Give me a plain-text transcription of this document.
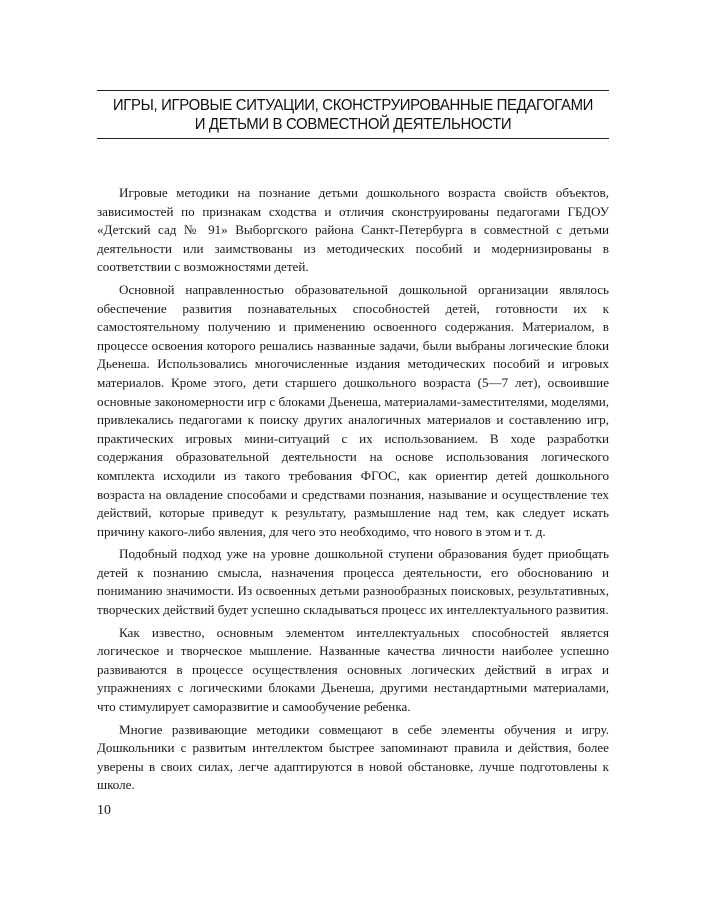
ИГРЫ, ИГРОВЫЕ СИТУАЦИИ, СКОНСТРУИРОВАННЫЕ ПЕДАГОГАМИ
И ДЕТЬМИ В СОВМЕСТНОЙ ДЕЯТЕЛЬНОСТИ

Игровые методики на познание детьми дошкольного возраста свойств объектов, зависимостей по признакам сходства и отличия сконструированы педагогами ГБДОУ «Детский сад № 91» Выборгского района Санкт-Петербурга в совместной с детьми деятельности или заимствованы из методических пособий и модернизированы в соответствии с возможностями детей.

Основной направленностью образовательной дошкольной организации являлось обеспечение развития познавательных способностей детей, готовности их к самостоятельному получению и применению освоенного содержания. Материалом, в процессе освоения которого решались названные задачи, были выбраны логические блоки Дьенеша. Использовались многочисленные издания методических пособий и игровых материалов. Кроме этого, дети старшего дошкольного возраста (5—7 лет), освоившие основные закономерности игр с блоками Дьенеша, материалами-заместителями, моделями, привлекались педагогами к поиску других аналогичных материалов и составлению игр, практических игровых мини-ситуаций с их использованием. В ходе разработки содержания образовательной деятельности на основе использования логического комплекта исходили из такого требования ФГОС, как ориентир детей дошкольного возраста на овладение способами и средствами познания, называние и осуществление тех действий, которые приведут к результату, размышление над тем, как следует искать причину какого-либо явления, для чего это необходимо, что нового в этом и т. д.

Подобный подход уже на уровне дошкольной ступени образования будет приобщать детей к познанию смысла, назначения процесса деятельности, его обоснованию и пониманию значимости. Из освоенных детьми разнообразных поисковых, результативных, творческих действий будет успешно складываться процесс их интеллектуального развития.

Как известно, основным элементом интеллектуальных способностей является логическое и творческое мышление. Названные качества личности наиболее успешно развиваются в процессе осуществления основных логических действий в играх и упражнениях с логическими блоками Дьенеша, другими нестандартными материалами, что стимулирует саморазвитие и самообучение ребенка.

Многие развивающие методики совмещают в себе элементы обучения и игру. Дошкольники с развитым интеллектом быстрее запоминают правила и действия, более уверены в своих силах, легче адаптируются в новой обстановке, лучше подготовлены к школе.

10
